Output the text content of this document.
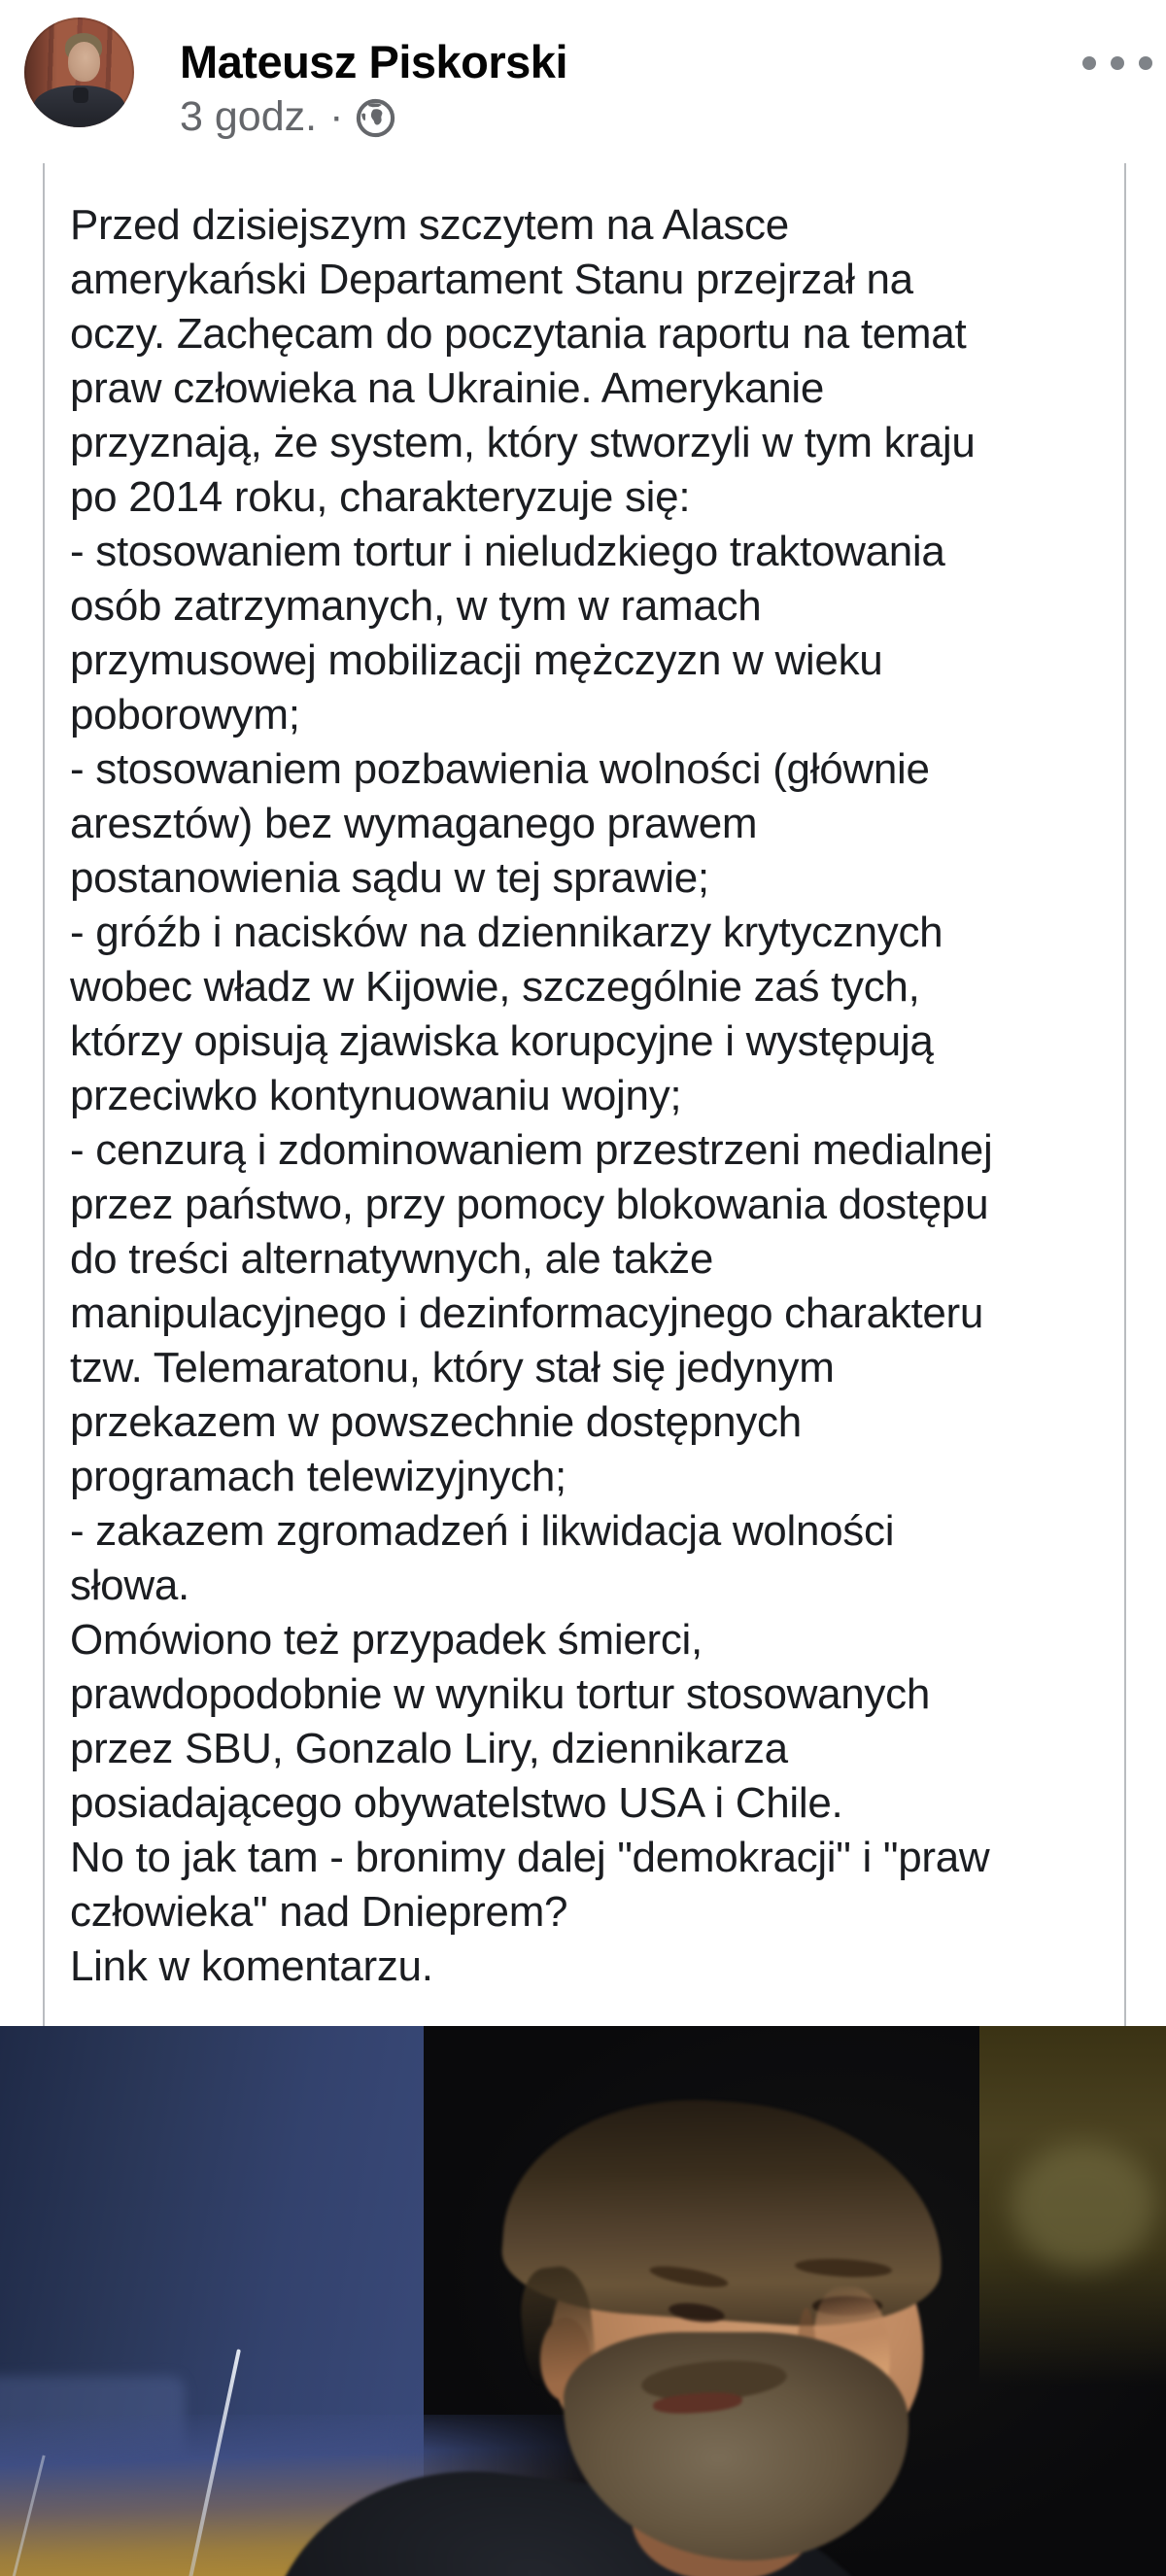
Mateusz Piskorski
3 godz. ·
Przed dzisiejszym szczytem na Alasce
amerykański Departament Stanu przejrzał na
oczy. Zachęcam do poczytania raportu na temat
praw człowieka na Ukrainie. Amerykanie
przyznają, że system, który stworzyli w tym kraju
po 2014 roku, charakteryzuje się:
- stosowaniem tortur i nieludzkiego traktowania
osób zatrzymanych, w tym w ramach
przymusowej mobilizacji mężczyzn w wieku
poborowym;
- stosowaniem pozbawienia wolności (głównie
aresztów) bez wymaganego prawem
postanowienia sądu w tej sprawie;
- gróźb i nacisków na dziennikarzy krytycznych
wobec władz w Kijowie, szczególnie zaś tych,
którzy opisują zjawiska korupcyjne i występują
przeciwko kontynuowaniu wojny;
- cenzurą i zdominowaniem przestrzeni medialnej
przez państwo, przy pomocy blokowania dostępu
do treści alternatywnych, ale także
manipulacyjnego i dezinformacyjnego charakteru
tzw. Telemaratonu, który stał się jedynym
przekazem w powszechnie dostępnych
programach telewizyjnych;
- zakazem zgromadzeń i likwidacja wolności
słowa.
Omówiono też przypadek śmierci,
prawdopodobnie w wyniku tortur stosowanych
przez SBU, Gonzalo Liry, dziennikarza
posiadającego obywatelstwo USA i Chile.
No to jak tam - bronimy dalej "demokracji" i "praw
człowieka" nad Dnieprem?
Link w komentarzu.
